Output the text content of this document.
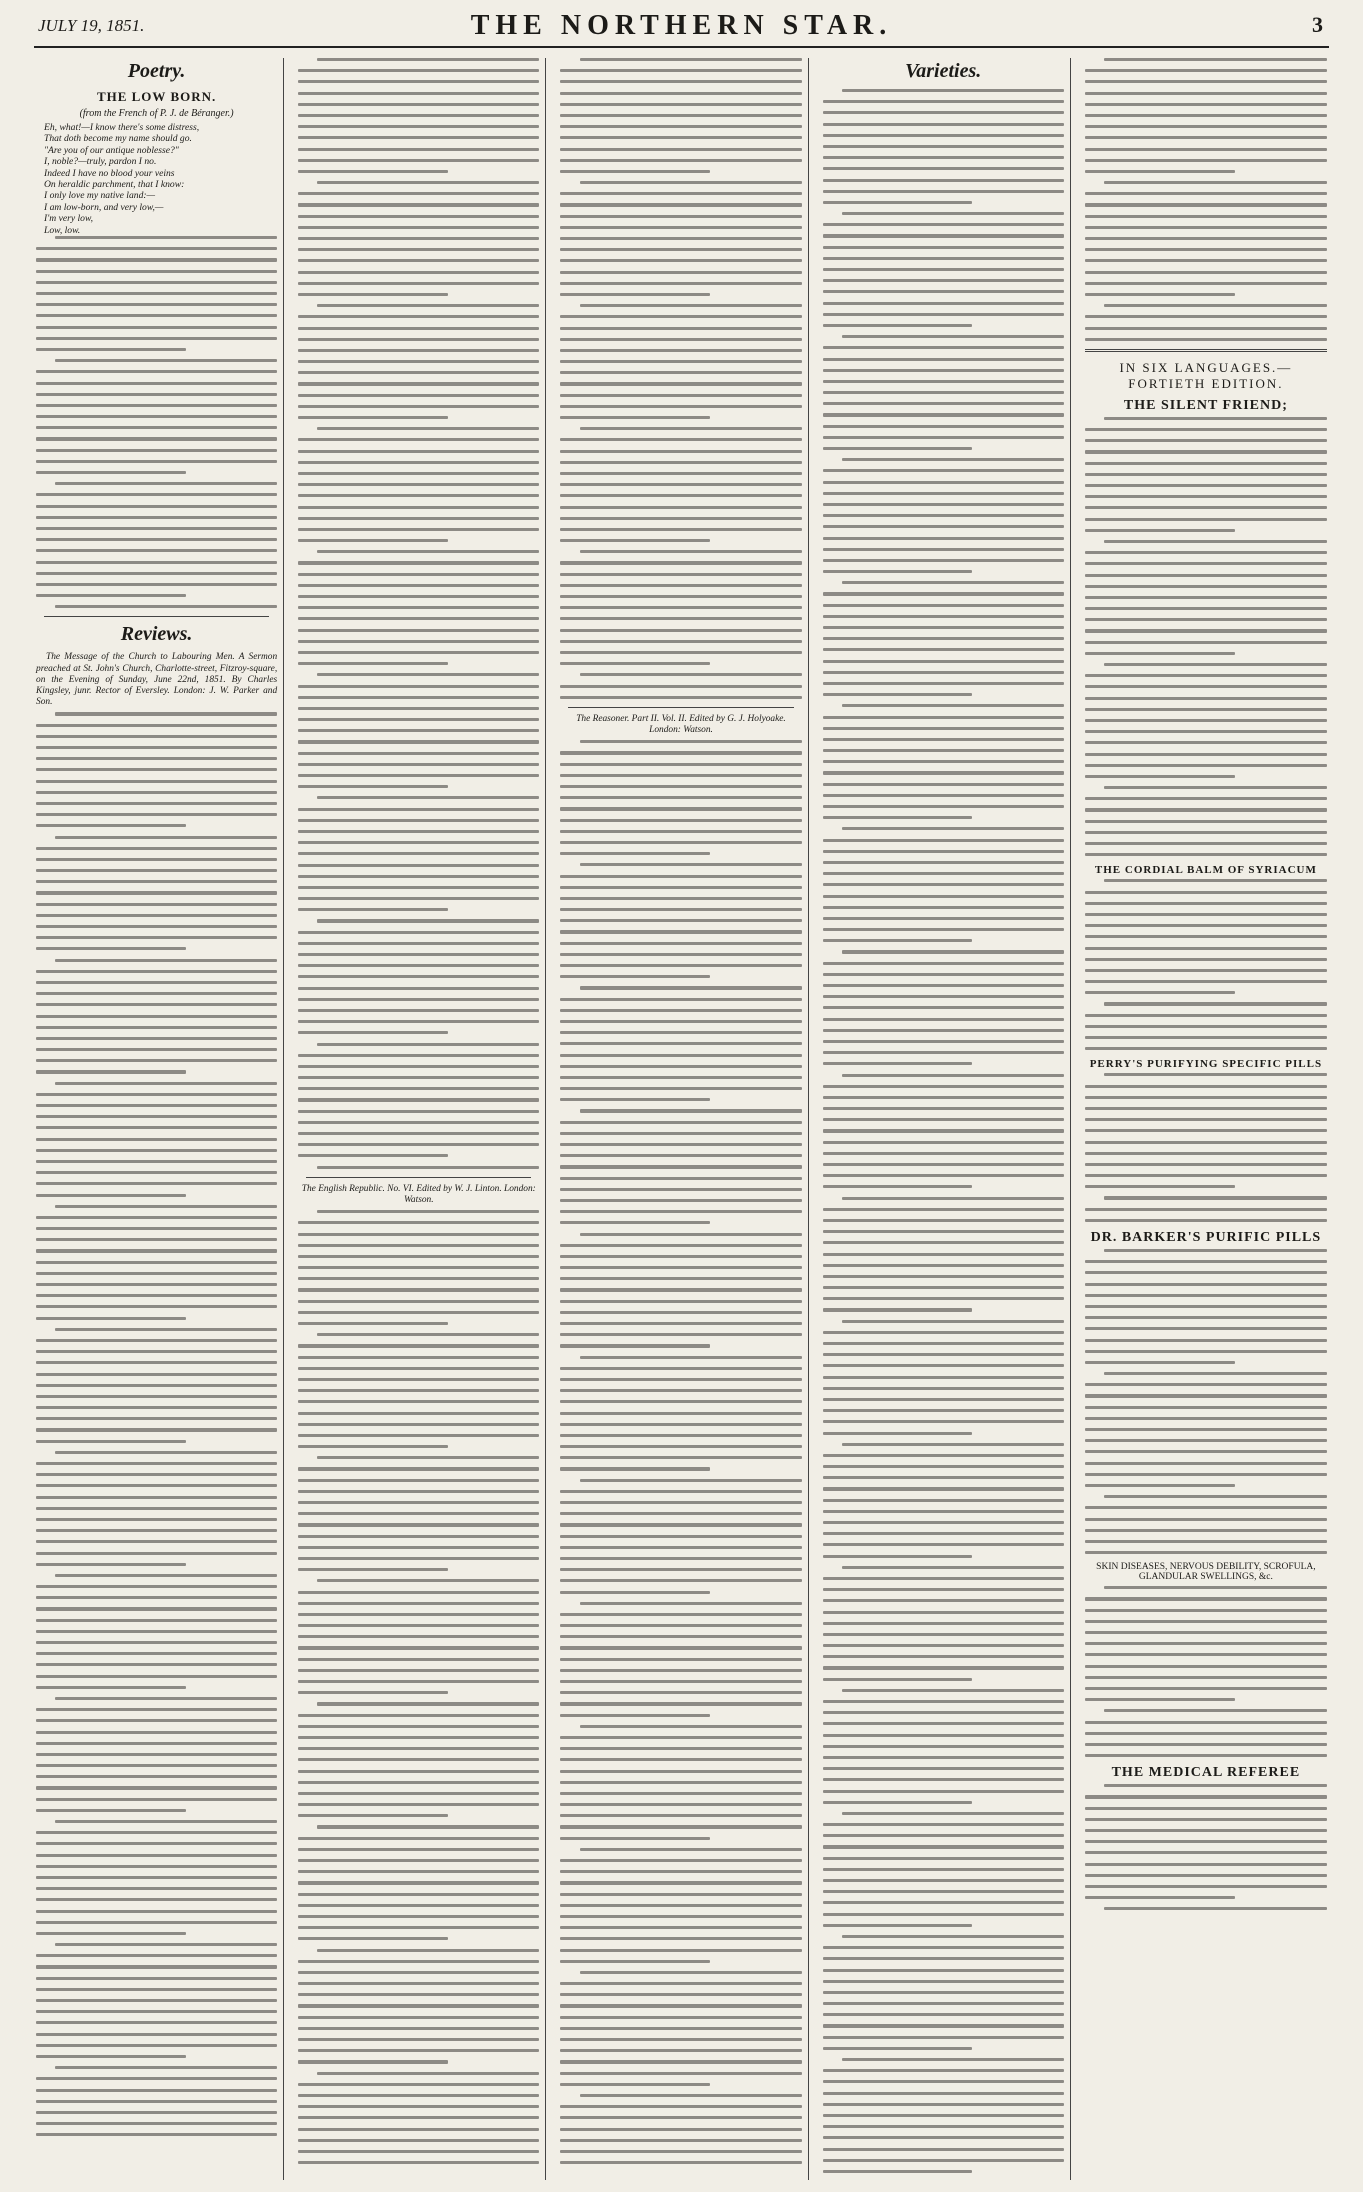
JULY 19, 1851.	THE NORTHERN STAR.	3
Poetry.
THE LOW BORN.
(from the French of P. J. de Béranger.)

Eh, what!—I know there's some distress,

That doth become my name should go.

"Are you of our antique noblesse?"

I, noble?—truly, pardon I no.

Indeed I have no blood your veins

On heraldic parchment, that I know:

I only love my native land:—

I am low-born, and very low,—

I'm very low,

Low, low.

Reviews.

The Message of the Church to Labouring Men. A Sermon preached at St. John's Church, Charlotte-street, Fitzroy-square, on the Evening of Sunday, June 22nd, 1851. By Charles Kingsley, junr. Rector of Eversley. London: J. W. Parker and Son.

The English Republic. No. VI. Edited by W. J. Linton. London: Watson.

The Reasoner. Part II. Vol. II. Edited by G. J. Holyoake. London: Watson.

Varieties.
IN SIX LANGUAGES.—FORTIETH EDITION.
THE SILENT FRIEND;
THE CORDIAL BALM OF SYRIACUM
PERRY'S PURIFYING SPECIFIC PILLS
DR. BARKER'S PURIFIC PILLS
SKIN DISEASES, NERVOUS DEBILITY, SCROFULA, GLANDULAR SWELLINGS, &c.
THE MEDICAL REFEREE
